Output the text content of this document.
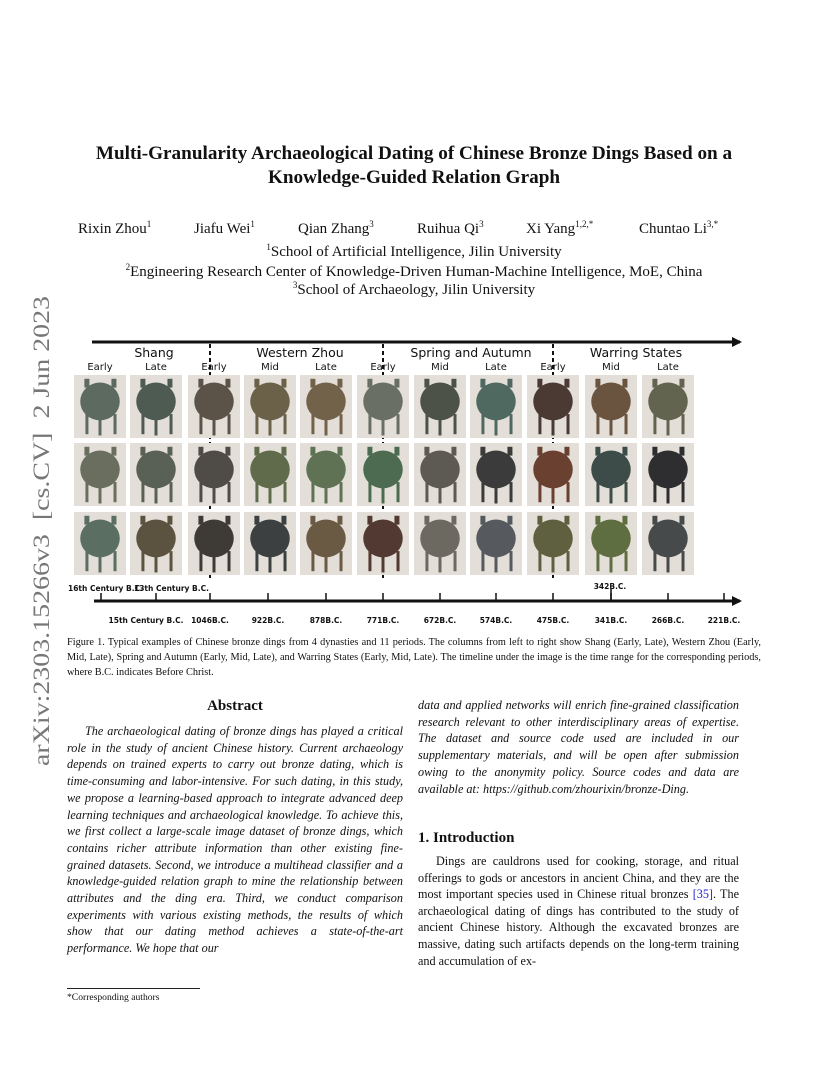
arXiv:2303.15266v3  [cs.CV]  2 Jun 2023
Multi-Granularity Archaeological Dating of Chinese Bronze Dings Based on a Knowledge-Guided Relation Graph
Rixin Zhou$^1$	Jiafu Wei$^1$	Qian Zhang$^3$	Ruihua Qi$^3$	Xi Yang$^{1,2,*}$	Chuntao $Li^{3,*}$
$^1$School of Artificial Intelligence, Jilin University
$^2$Engineering Research Center of Knowledge-Driven Human-Machine Intelligence, MoE, China
$^3$School of Archaeology, Jilin University
Shang	Western Zhou	Spring and Autumn	Warring States
Early	Late	Early	Mid	Late	Early	Mid	Late	Early	Mid	Late
16th Century B.C.
13th Century B.C.	342B.C.
15th Century B.C. 1046B.C.	922B.C.	878B.C.	771B.C.	672B.C.	574B.C.	475B.C.	341B.C.	266B.C.	221B.C.

Figure 1. Typical examples of Chinese bronze dings from 4 dynasties and 11 periods. The columns from left to right show Shang (Early, Late), Western Zhou (Early, Mid, Late), Spring and Autumn (Early, Mid, Late), and Warring States (Early, Mid, Late). The timeline under the image is the time range for the corresponding periods, where B.C. indicates Before Christ.

Abstract

The archaeological dating of bronze dings has played a critical role in the study of ancient Chinese history. Current archaeology depends on trained experts to carry out bronze dating, which is time-consuming and labor-intensive. For such dating, in this study, we propose a learning-based approach to integrate advanced deep learning techniques and archaeological knowledge. To achieve this, we first collect a large-scale image dataset of bronze dings, which contains richer attribute information than other existing fine-grained datasets. Second, we introduce a multihead classifier and a knowledge-guided relation graph to mine the relationship between attributes and the ding era. Third, we conduct comparison experiments with various existing methods, the results of which show that our dating method achieves a state-of-the-art performance. We hope that our

data and applied networks will enrich fine-grained classification research relevant to other interdisciplinary areas of expertise. The dataset and source code used are included in our supplementary materials, and will be open after submission owing to the anonymity policy. Source codes and data are available at: https://github.com/zhourixin/bronze-Ding.

1. Introduction

Dings are cauldrons used for cooking, storage, and ritual offerings to gods or ancestors in ancient China, and they are the most important species used in Chinese ritual bronzes [35]. The archaeological dating of dings has contributed to the study of ancient Chinese history. Although the excavated bronzes are massive, dating such artifacts depends on the long-term training and accumulation of ex-

*Corresponding authors
